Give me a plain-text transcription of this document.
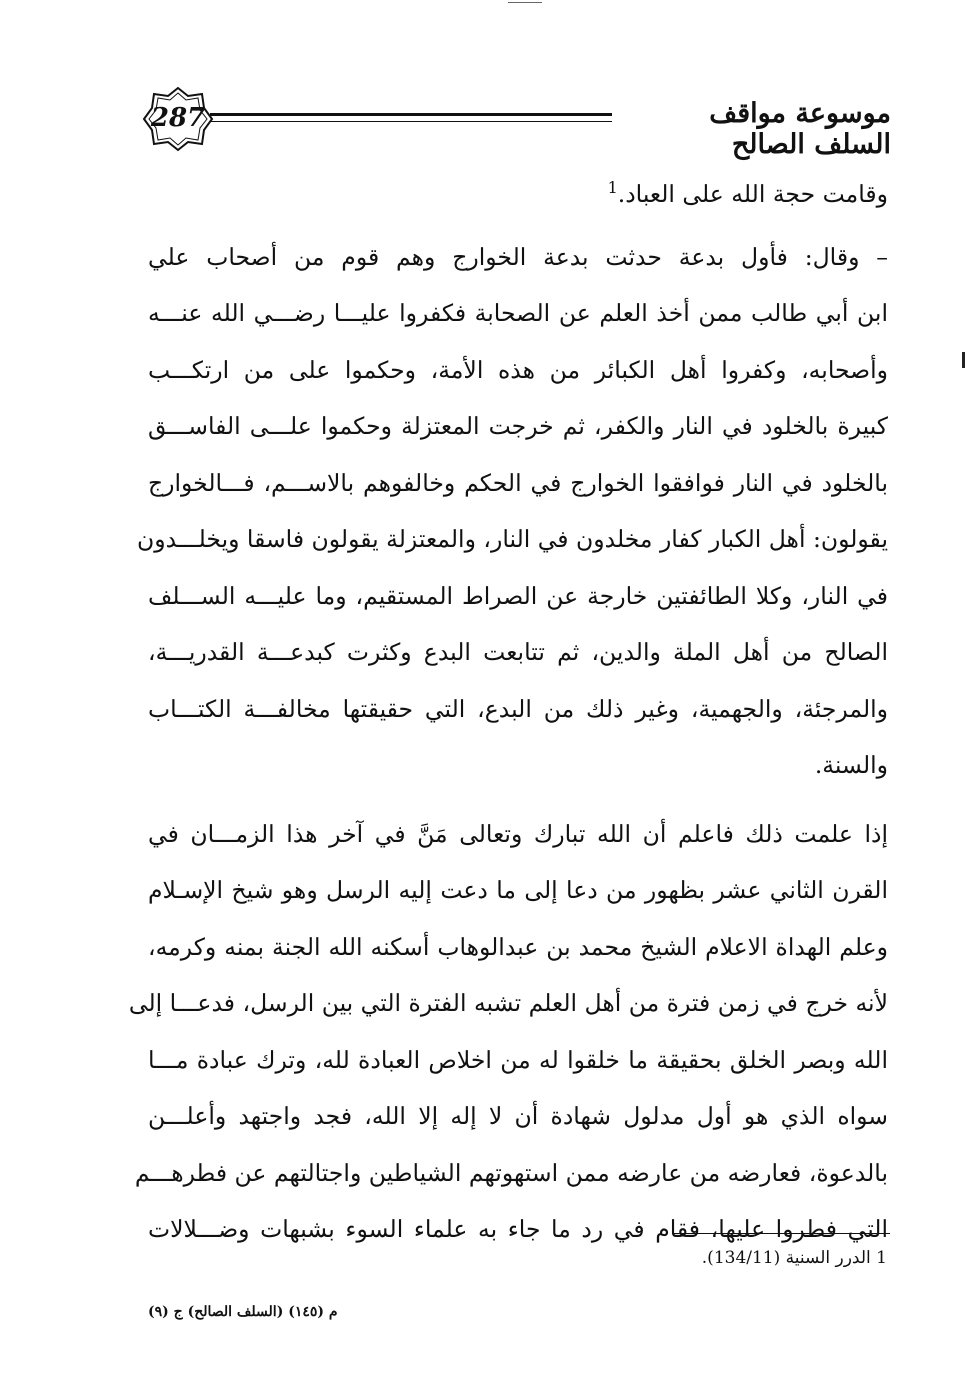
287	موسوعة مواقف السلف الصالح
وقامت حجة الله على العباد.$^1$
– وقال: فأول بدعة حدثت بدعة الخوارج وهم قوم من أصحاب علي
ابن أبي طالب ممن أخذ العلم عن الصحابة فكفروا عليـــا رضـــي الله عنـــه
وأصحابه، وكفروا أهل الكبائر من هذه الأمة، وحكموا على من ارتكـــب
كبيرة بالخلود في النار والكفر، ثم خرجت المعتزلة وحكموا علـــى الفاســـق
بالخلود في النار فوافقوا الخوارج في الحكم وخالفوهم بالاســـم، فـــالخوارج
يقولون: أهل الكبار كفار مخلدون في النار، والمعتزلة يقولون فاسقا ويخلـــدون
في النار، وكلا الطائفتين خارجة عن الصراط المستقيم، وما عليـــه الســـلف
الصالح من أهل الملة والدين، ثم تتابعت البدع وكثرت كبدعـــة القدريـــة،
والمرجئة، والجهمية، وغير ذلك من البدع، التي حقيقتها مخالفـــة الكتـــاب
والسنة.
إذا علمت ذلك فاعلم أن الله تبارك وتعالى مَنَّ في آخر هذا الزمـــان في
القرن الثاني عشر بظهور من دعا إلى ما دعت إليه الرسل وهو شيخ الإسـلام
وعلم الهداة الاعلام الشيخ محمد بن عبدالوهاب أسكنه الله الجنة بمنه وكرمه،
لأنه خرج في زمن فترة من أهل العلم تشبه الفترة التي بين الرسل، فدعـــا إلى
الله وبصر الخلق بحقيقة ما خلقوا له من اخلاص العبادة لله، وترك عبادة مـــا
سواه الذي هو أول مدلول شهادة أن لا إله إلا الله، فجد واجتهد وأعلـــن
بالدعوة، فعارضه من عارضه ممن استهوتهم الشياطين واجتالتهم عن فطرهـــم
التي فطروا عليها، فقام في رد ما جاء به علماء السوء بشبهات وضـــلالات
1 الدرر السنية (134/11).
م (١٤٥) (السلف الصالح) ج (٩)
